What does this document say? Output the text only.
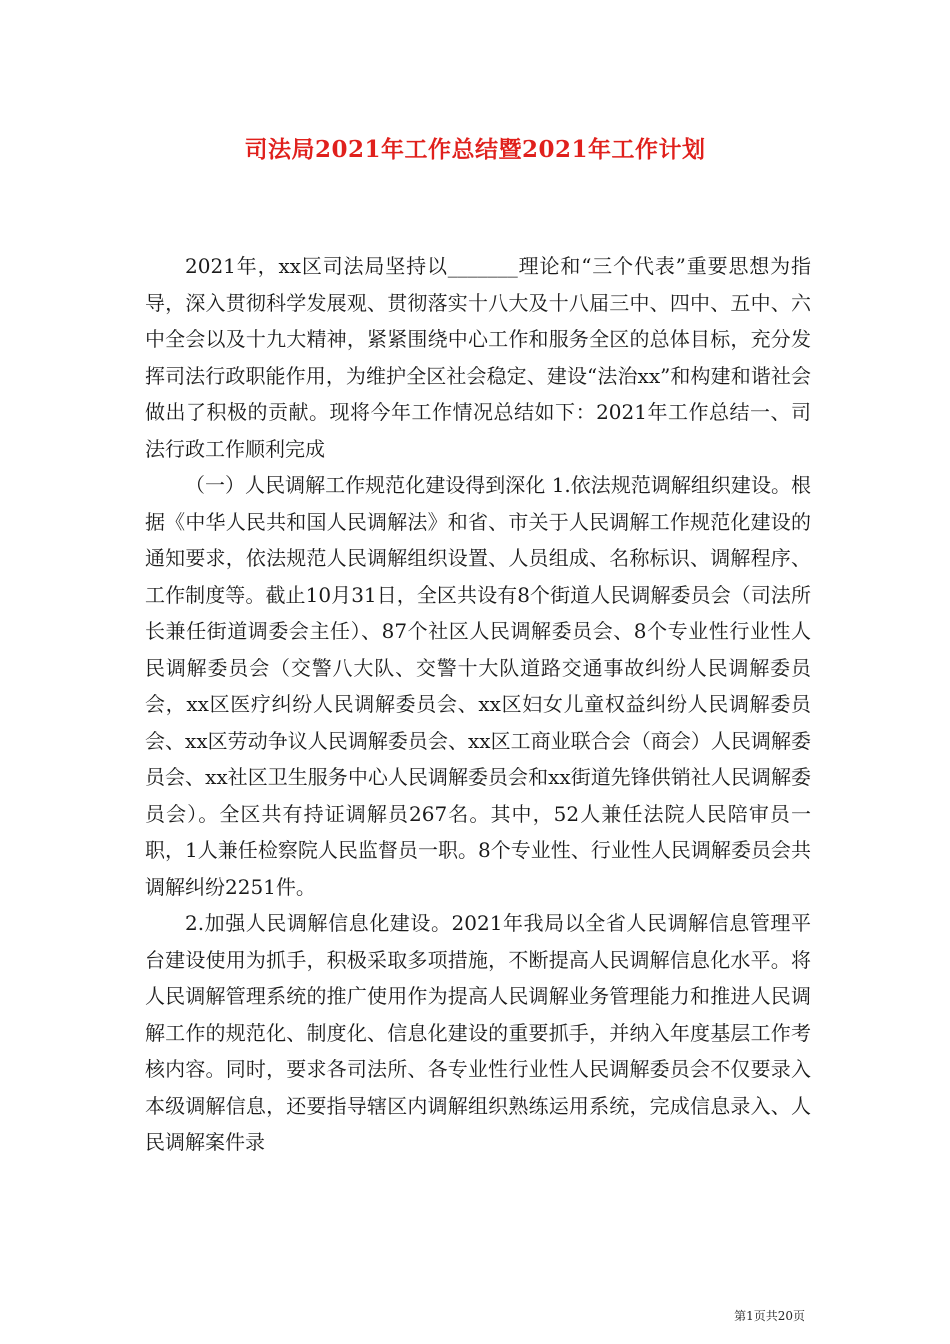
司法局2021年工作总结暨2021年工作计划

2021年，xx区司法局坚持以_______理论和“三个代表”重要思想为指导，深入贯彻科学发展观、贯彻落实十八大及十八届三中、四中、五中、六中全会以及十九大精神，紧紧围绕中心工作和服务全区的总体目标，充分发挥司法行政职能作用，为维护全区社会稳定、建设“法治xx”和构建和谐社会做出了积极的贡献。现将今年工作情况总结如下：2021年工作总结一、司法行政工作顺利完成

（一）人民调解工作规范化建设得到深化 1.依法规范调解组织建设。根据《中华人民共和国人民调解法》和省、市关于人民调解工作规范化建设的通知要求，依法规范人民调解组织设置、人员组成、名称标识、调解程序、工作制度等。截止10月31日，全区共设有8个街道人民调解委员会（司法所长兼任街道调委会主任）、87个社区人民调解委员会、8个专业性行业性人民调解委员会（交警八大队、交警十大队道路交通事故纠纷人民调解委员会，xx区医疗纠纷人民调解委员会、xx区妇女儿童权益纠纷人民调解委员会、xx区劳动争议人民调解委员会、xx区工商业联合会（商会）人民调解委员会、xx社区卫生服务中心人民调解委员会和xx街道先锋供销社人民调解委员会）。全区共有持证调解员267名。其中，52人兼任法院人民陪审员一职，1人兼任检察院人民监督员一职。8个专业性、行业性人民调解委员会共调解纠纷2251件。

2.加强人民调解信息化建设。2021年我局以全省人民调解信息管理平台建设使用为抓手，积极采取多项措施，不断提高人民调解信息化水平。将人民调解管理系统的推广使用作为提高人民调解业务管理能力和推进人民调解工作的规范化、制度化、信息化建设的重要抓手，并纳入年度基层工作考核内容。同时，要求各司法所、各专业性行业性人民调解委员会不仅要录入本级调解信息，还要指导辖区内调解组织熟练运用系统，完成信息录入、人民调解案件录

第1页共20页
